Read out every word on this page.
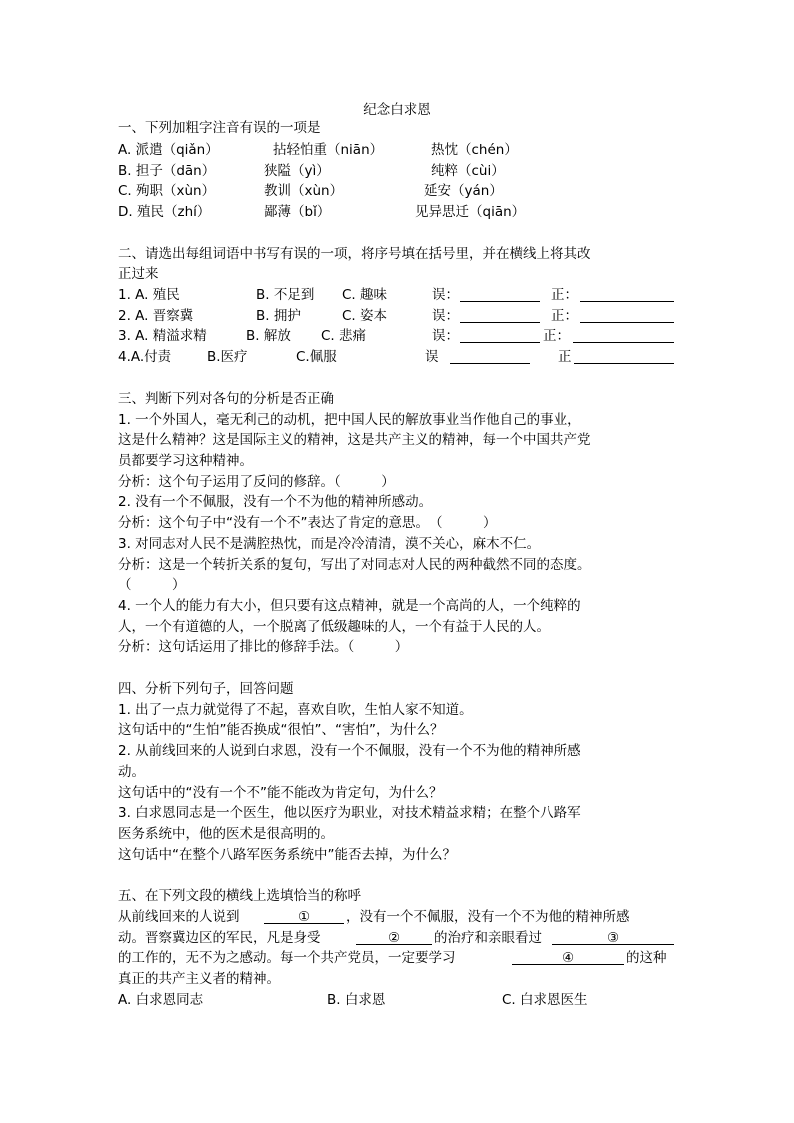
纪念白求恩
一、下列加粗字注音有误的一项是
A. 派遣（qiǎn）	拈轻怕重（niān）	热忱（chén）
B. 担子（dān）	狭隘（yì）	纯粹（cùi）
C. 殉职（xùn）	教训（xùn）	延安（yán）
D. 殖民（zhí）	鄙薄（bǐ）	见异思迁（qiān）
二、请选出每组词语中书写有误的一项，将序号填在括号里，并在横线上将其改
正过来
1. A. 殖民	B. 不足到 C. 趣味	误：	正：
2. A. 晋察冀	B. 拥护	C. 姿本	误：	正：
3. A. 精溢求精	B. 解放 C. 悲痛	误：	正：
4.A.付责	B.医疗	C.佩服	误	正
三、判断下列对各句的分析是否正确
1. 一个外国人，毫无利己的动机，把中国人民的解放事业当作他自己的事业，
这是什么精神？这是国际主义的精神，这是共产主义的精神，每一个中国共产党
员都要学习这种精神。
分析：这个句子运用了反问的修辞。（　　　）
2. 没有一个不佩服，没有一个不为他的精神所感动。
分析：这个句子中“没有一个不”表达了肯定的意思。　（　　　）
3. 对同志对人民不是满腔热忱，而是冷冷清清，漠不关心，麻木不仁。
分析：这是一个转折关系的复句，写出了对同志对人民的两种截然不同的态度。
（　　　）
4. 一个人的能力有大小，但只要有这点精神，就是一个高尚的人，一个纯粹的
人，一个有道德的人，一个脱离了低级趣味的人，一个有益于人民的人。
分析：这句话运用了排比的修辞手法。（　　　）
四、分析下列句子，回答问题
1. 出了一点力就觉得了不起，喜欢自吹，生怕人家不知道。
这句话中的“生怕”能否换成“很怕”、“害怕”，为什么？
2. 从前线回来的人说到白求恩，没有一个不佩服，没有一个不为他的精神所感
动。
这句话中的“没有一个不”能不能改为肯定句，为什么？
3. 白求恩同志是一个医生，他以医疗为职业，对技术精益求精；在整个八路军
医务系统中，他的医术是很高明的。
这句话中“在整个八路军医务系统中”能否去掉，为什么？
五、在下列文段的横线上选填恰当的称呼
从前线回来的人说到	①	，没有一个不佩服，没有一个不为他的精神所感
动。晋察冀边区的军民，凡是身受	②	的治疗和亲眼看过	③
的工作的，无不为之感动。每一个共产党员，一定要学习	④	的这种
真正的共产主义者的精神。
A. 白求恩同志	B. 白求恩	C. 白求恩医生
